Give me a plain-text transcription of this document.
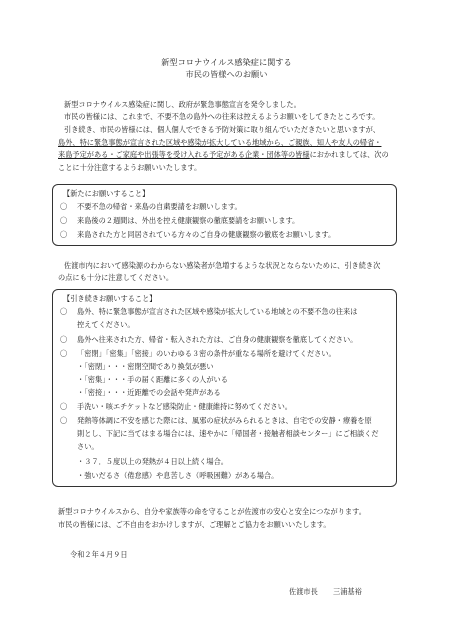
新型コロナウイルス感染症に関する
市民の皆様へのお願い

新型コロナウイルス感染症に関し、政府が緊急事態宣言を発令しました。

市民の皆様には、これまで、不要不急の島外への往来は控えるようお願いをしてきたところです。

引き続き、市民の皆様には、個人個人でできる予防対策に取り組んでいただきたいと思いますが、

島外、特に緊急事態が宣言された区域や感染が拡大している地域から、ご親族、知人や友人の帰省・

来島予定がある・ご家庭や出張等を受け入れる予定がある企業・団体等の皆様におかれましては、次の

ことに十分注意するようお願いいたします。

【新たにお願いすること】
〇 不要不急の帰省・来島の自粛要請をお願いします。
〇 来島後の２週間は、外出を控え健康観察の徹底要請をお願いします。
〇 来島された方と同居されている方々のご自身の健康観察の徹底をお願いします。

佐渡市内において感染源のわからない感染者が急増するような状況とならないために、引き続き次

の点にも十分に注意してください。

【引き続きお願いすること】
〇 島外、特に緊急事態が宣言された区域や感染が拡大している地域との不要不急の往来は
控えてください。
〇 島外へ往来された方、帰省・転入された方は、ご自身の健康観察を徹底してください。
〇 「密閉」「密集」「密接」のいわゆる３密の条件が重なる場所を避けてください。
・「密閉」・・・密閉空間であり換気が悪い
・「密集」・・・手の届く距離に多くの人がいる
・「密接」・・・近距離での会話や発声がある
〇 手洗い・咳エチケットなど感染防止・健康維持に努めてください。
〇 発熱等体調に不安を感じた際には、風邪の症状がみられるときは、自宅での安静・療養を原
則とし、下記に当てはまる場合には、速やかに「帰国者・接触者相談センター」にご相談くだ
さい。
・３７．５度以上の発熱が４日以上続く場合。
・強いだるさ（倦怠感）や息苦しさ（呼吸困難）がある場合。

新型コロナウイルスから、自分や家族等の命を守ることが佐渡市の安心と安全につながります。

市民の皆様には、ご不自由をおかけしますが、ご理解とご協力をお願いいたします。

令和２年４月９日
佐渡市長 三浦基裕
